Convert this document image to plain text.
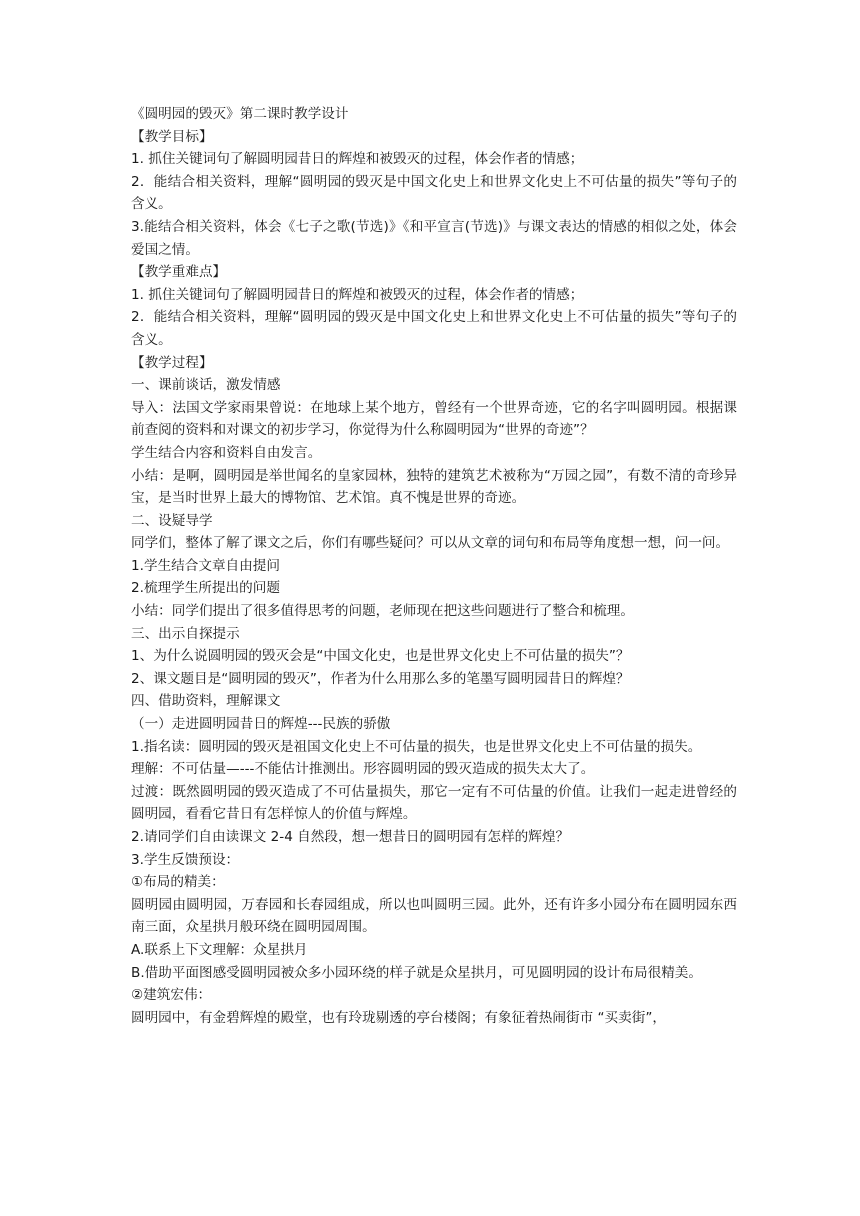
《圆明园的毁灭》第二课时教学设计
【教学目标】
1. 抓住关键词句了解圆明园昔日的辉煌和被毁灭的过程，体会作者的情感；
2．能结合相关资料，理解“圆明园的毁灭是中国文化史上和世界文化史上不可估量的损失”等句子的含义。
3.能结合相关资料，体会《七子之歌(节选)》《和平宣言(节选)》与课文表达的情感的相似之处，体会爱国之情。
【教学重难点】
1. 抓住关键词句了解圆明园昔日的辉煌和被毁灭的过程，体会作者的情感；
2．能结合相关资料，理解“圆明园的毁灭是中国文化史上和世界文化史上不可估量的损失”等句子的含义。
【教学过程】
一、课前谈话，激发情感
导入：法国文学家雨果曾说：在地球上某个地方，曾经有一个世界奇迹，它的名字叫圆明园。根据课前查阅的资料和对课文的初步学习，你觉得为什么称圆明园为“世界的奇迹”？
学生结合内容和资料自由发言。
小结：是啊，圆明园是举世闻名的皇家园林，独特的建筑艺术被称为“万园之园”，有数不清的奇珍异宝，是当时世界上最大的博物馆、艺术馆。真不愧是世界的奇迹。
二、设疑导学
同学们，整体了解了课文之后，你们有哪些疑问？可以从文章的词句和布局等角度想一想，问一问。
1.学生结合文章自由提问
2.梳理学生所提出的问题
小结：同学们提出了很多值得思考的问题，老师现在把这些问题进行了整合和梳理。
三、出示自探提示
1、为什么说圆明园的毁灭会是“中国文化史，也是世界文化史上不可估量的损失”？
2、课文题目是“圆明园的毁灭”，作者为什么用那么多的笔墨写圆明园昔日的辉煌？
四、借助资料，理解课文
（一）走进圆明园昔日的辉煌---民族的骄傲
1.指名读：圆明园的毁灭是祖国文化史上不可估量的损失，也是世界文化史上不可估量的损失。
理解：不可估量—---不能估计推测出。形容圆明园的毁灭造成的损失太大了。
过渡：既然圆明园的毁灭造成了不可估量损失，那它一定有不可估量的价值。让我们一起走进曾经的圆明园，看看它昔日有怎样惊人的价值与辉煌。
2.请同学们自由读课文 2-4 自然段，想一想昔日的圆明园有怎样的辉煌？
3.学生反馈预设：
①布局的精美：
圆明园由圆明园，万春园和长春园组成，所以也叫圆明三园。此外，还有许多小园分布在圆明园东西南三面，众星拱月般环绕在圆明园周围。
A.联系上下文理解：众星拱月
B.借助平面图感受圆明园被众多小园环绕的样子就是众星拱月，可见圆明园的设计布局很精美。
②建筑宏伟：
圆明园中，有金碧辉煌的殿堂，也有玲珑剔透的亭台楼阁；有象征着热闹街市 “买卖街”，
